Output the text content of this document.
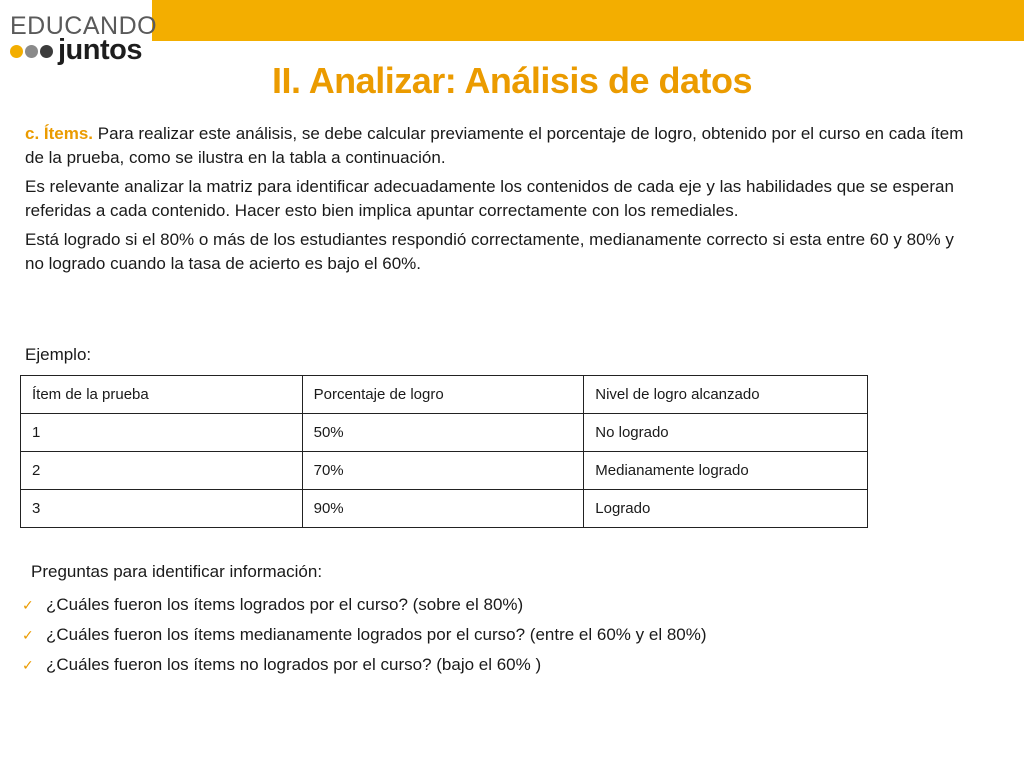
EDUCANDO
juntos
II. Analizar: Análisis de datos

c. Ítems. Para realizar este análisis, se debe calcular previamente el porcentaje de logro, obtenido por el curso en cada ítem de la prueba, como se ilustra en la tabla a continuación.

Es relevante analizar la matriz para identificar adecuadamente los contenidos de cada eje y las habilidades que se esperan referidas a cada contenido. Hacer esto bien implica apuntar correctamente con los remediales.

Está logrado si el 80% o más de los estudiantes respondió correctamente, medianamente correcto si esta entre 60 y 80% y no logrado cuando la tasa de acierto es bajo el 60%.

Ejemplo:
Ítem de la prueba	Porcentaje de logro	Nivel de logro alcanzado
1	50%	No logrado
2	70%	Medianamente logrado
3	90%	Logrado
Preguntas para identificar información:
✓ ¿Cuáles fueron los ítems logrados por el curso? (sobre el 80%)
✓ ¿Cuáles fueron los ítems medianamente logrados por el curso? (entre el 60% y el 80%)
✓ ¿Cuáles fueron los ítems no logrados por el curso? (bajo el 60% )
